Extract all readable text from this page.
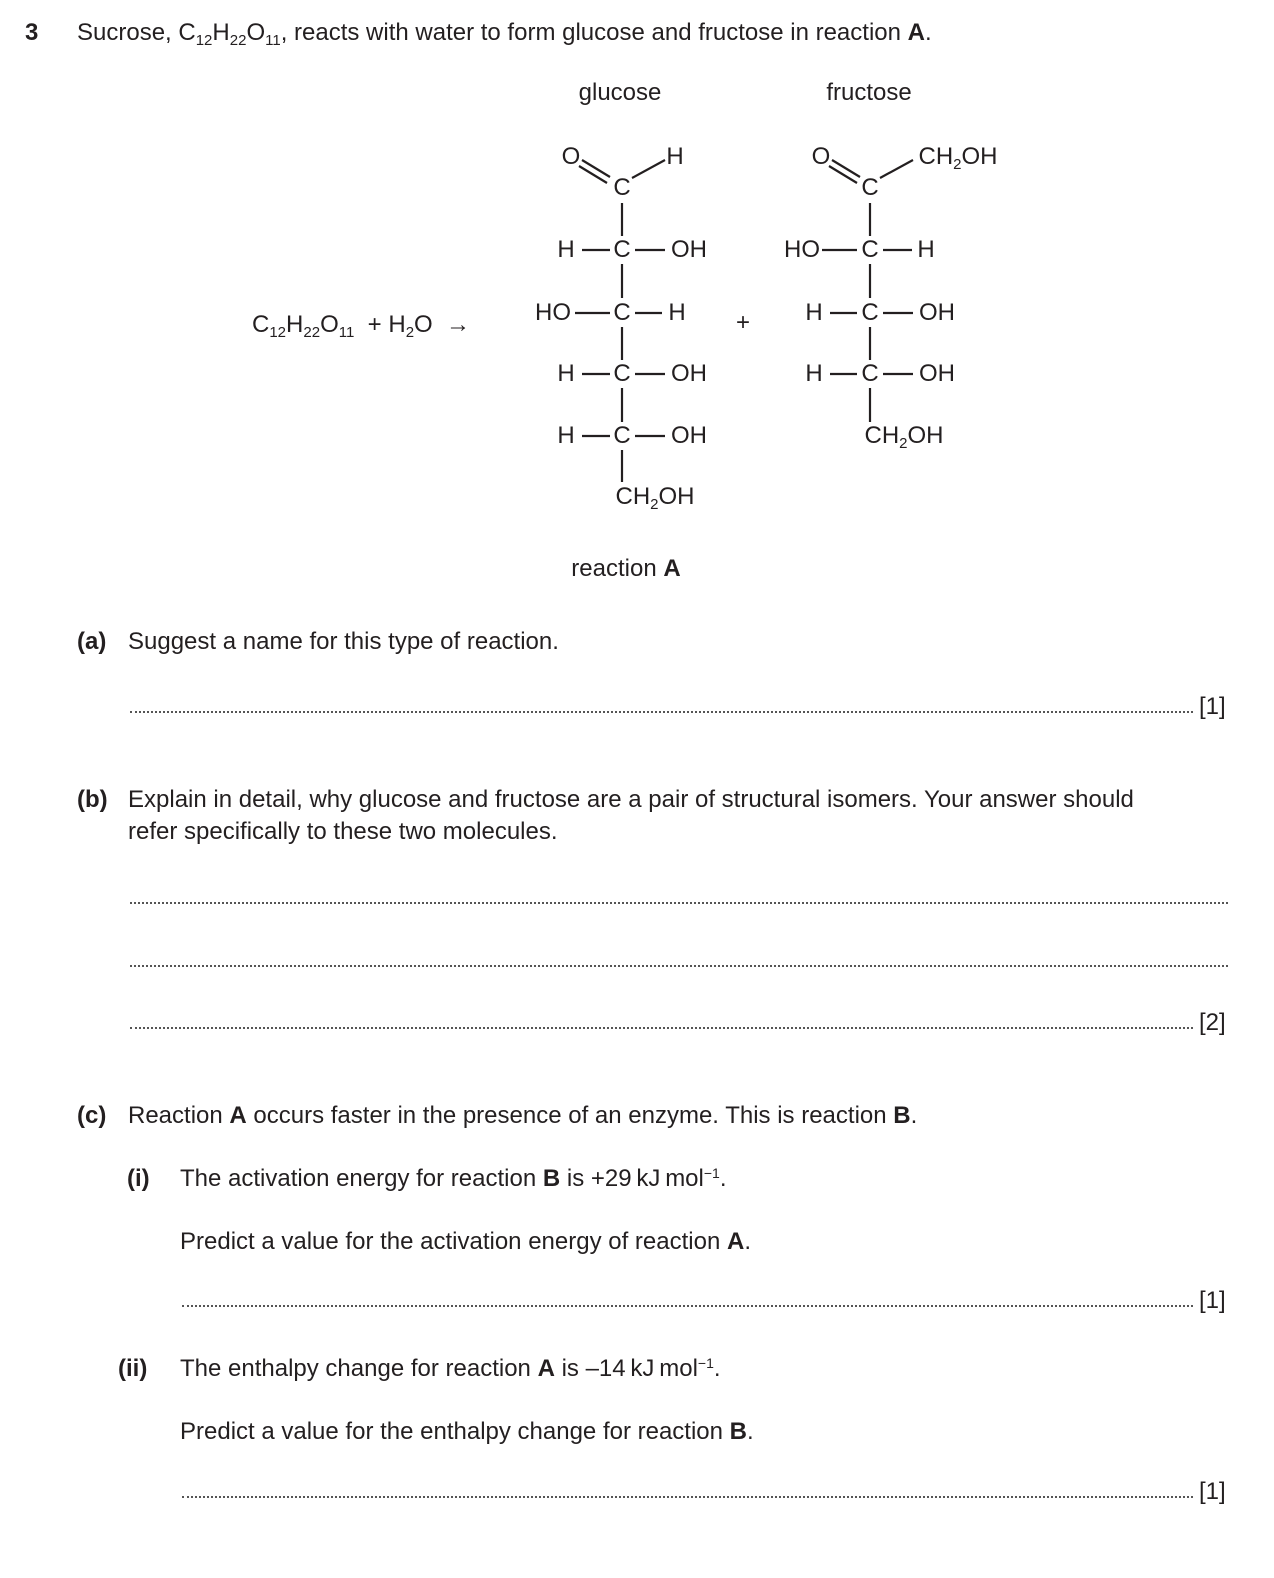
3 Sucrose, $C_{12}H_{22}O_{11}$, reacts with water to form glucose and fructose in reaction A.
glucose	fructose
$C_{12}H_{22}O_{11} + H_2O$ →	+
O	H
C
H C OH
HO C H
H C OH
H C OH
$CH_2OH$
O
C
$CH_2OH$
HO C H
H C OH
H C OH
$CH_2OH$
reaction A
(a) Suggest a name for this type of reaction.
[1]
(b) Explain in detail, why glucose and fructose are a pair of structural isomers. Your answer should
refer specifically to these two molecules.
[2]
(c) Reaction A occurs faster in the presence of an enzyme. This is reaction B.
(i) The activation energy for reaction B is +29 kJ mol$^{-1}$.
Predict a value for the activation energy of reaction A.
[1]
(ii) The enthalpy change for reaction A is –14 kJ mol$^{-1}$.
Predict a value for the enthalpy change for reaction B.
[1]
